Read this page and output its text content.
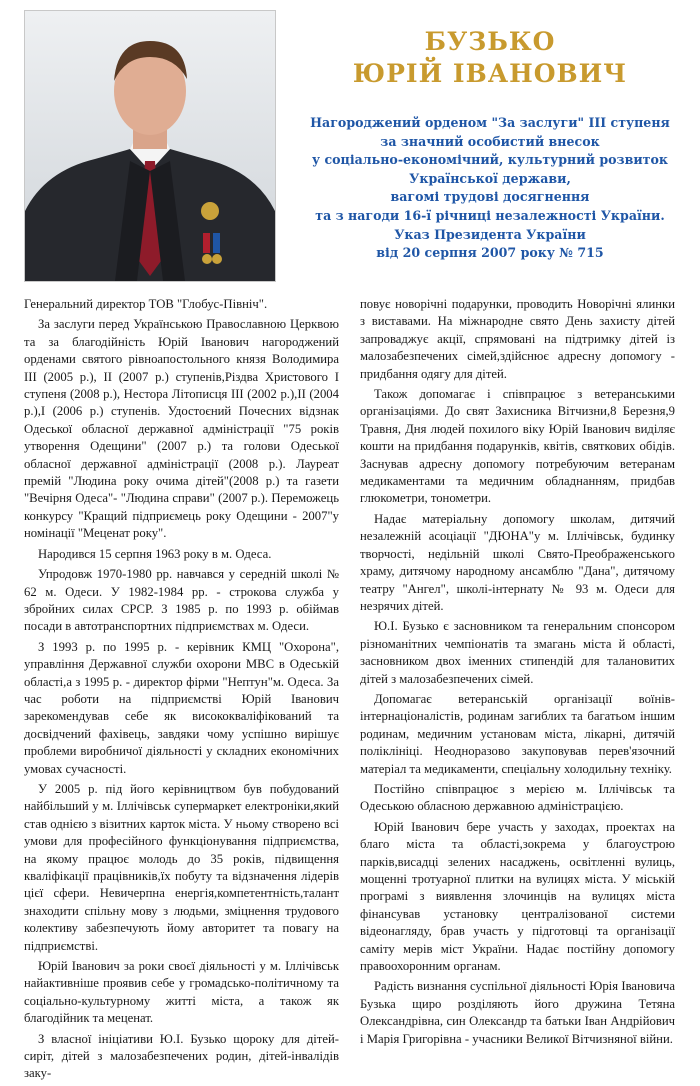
БУЗЬКО
ЮРІЙ ІВАНОВИЧ
Нагороджений орденом "За заслуги" ІІІ ступеня
за значний особистий внесок
у соціально-економічний, культурний розвиток
Української держави,
вагомі трудові досягнення
та з нагоди 16-ї річниці незалежності України.
Указ Президента України
від 20 серпня 2007 року № 715

Генеральний директор ТОВ "Глобус-Північ".

За заслуги перед Українською Православною Церквою та за благодійність Юрій Іванович нагороджений орденами святого рівноапостольного князя Володимира III (2005 р.), II (2007 р.) ступенів,Різдва Христового I ступеня (2008 р.), Нестора Літописця III (2002 р.),II (2004 р.),I (2006 р.) ступенів. Удостоєний Почесних відзнак Одеської обласної державної адміністрації "75 років утворення Одещини" (2007 р.) та голови Одеської обласної державної адміністрації (2008 р.). Лауреат премій "Людина року очима дітей"(2008 р.) та газети "Вечірня Одеса"- "Людина справи" (2007 р.). Переможець конкурсу "Кращий підприємець року Одещини - 2007"у номінації "Меценат року".

Народився 15 серпня 1963 року в м. Одеса.

Упродовж 1970-1980 рр. навчався у середній школі № 62 м. Одеси. У 1982-1984 рр. - строкова служба у збройних силах СРСР. З 1985 р. по 1993 р. обіймав посади в автотранспортних підприємствах м. Одеси.

З 1993 р. по 1995 р. - керівник КМЦ "Охорона", управління Державної служби охорони МВС в Одеській області,а з 1995 р. - директор фірми "Нептун"м. Одеса. За час роботи на підприємстві Юрій Іванович зарекомендував себе як висококваліфікований та досвідчений фахівець, завдяки чому успішно вирішує проблеми виробничої діяльності у складних економічних умовах сучасності.

У 2005 р. під його керівництвом був побудований найбільший у м. Іллічівськ супермаркет електроніки,який став однією з візитних карток міста. У ньому створено всі умови для професійного функціонування підприємства, на якому працює молодь до 35 років, підвищення кваліфікації працівників,їх побуту та відзначення лідерів цієї сфери. Невичерпна енергія,компетентність,талант знаходити спільну мову з людьми, зміцнення трудового колективу забезпечують йому авторитет та повагу на підприємстві.

Юрій Іванович за роки своєї діяльності у м. Іллічівськ найактивніше проявив себе у громадсько-політичному та соціально-культурному житті міста, а також як благодійник та меценат.

З власної ініціативи Ю.І. Бузько щороку для дітей-сиріт, дітей з малозабезпечених родин, дітей-інвалідів заку-

повує новорічні подарунки, проводить Новорічні ялинки з виставами. На міжнародне свято День захисту дітей запроваджує акції, спрямовані на підтримку дітей із малозабезпечених сімей,здійснює адресну допомогу - придбання одягу для дітей.

Також допомагає і співпрацює з ветеранськими організаціями. До свят Захисника Вітчизни,8 Березня,9 Травня, Дня людей похилого віку Юрій Іванович виділяє кошти на придбання подарунків, квітів, святкових обідів. Заснував адресну допомогу потребуючим ветеранам медикаментами та медичним обладнанням, придбав глюкометри, тонометри.

Надає матеріальну допомогу школам, дитячий незалежній асоціації "ДЮНА"у м. Іллічівськ, будинку творчості, недільній школі Свято-Преображенського храму, дитячому народному ансамблю "Дана", дитячому театру "Ангел", школі-інтернату № 93 м. Одеси для незрячих дітей.

Ю.І. Бузько є засновником та генеральним спонсором різноманітних чемпіонатів та змагань міста й області, засновником двох іменних стипендій для талановитих дітей з малозабезпечених сімей.

Допомагає ветеранській організації воїнів-інтернаціоналістів, родинам загиблих та багатьом іншим родинам, медичним установам міста, лікарні, дитячій поліклініці. Неодноразово закуповував перев'язочний матеріал та медикаменти, спеціальну холодильну техніку.

Постійно співпрацює з мерією м. Іллічівськ та Одеською обласною державною адміністрацією.

Юрій Іванович бере участь у заходах, проектах на благо міста та області,зокрема у благоустрою парків,висадці зелених насаджень, освітленні вулиць, мощенні тротуарної плитки на вулицях міста. У міській програмі з виявлення злочинців на вулицях міста фінансував установку централізованої системи відеонагляду, брав участь у підготовці та організації саміту мерів міст України. Надає постійну допомогу правоохоронним органам.

Радість визнання суспільної діяльності Юрія Івановича Бузька щиро розділяють його дружина Тетяна Олександрівна, син Олександр та батьки Іван Андрійович і Марія Григорівна - учасники Великої Вітчизняної війни.
